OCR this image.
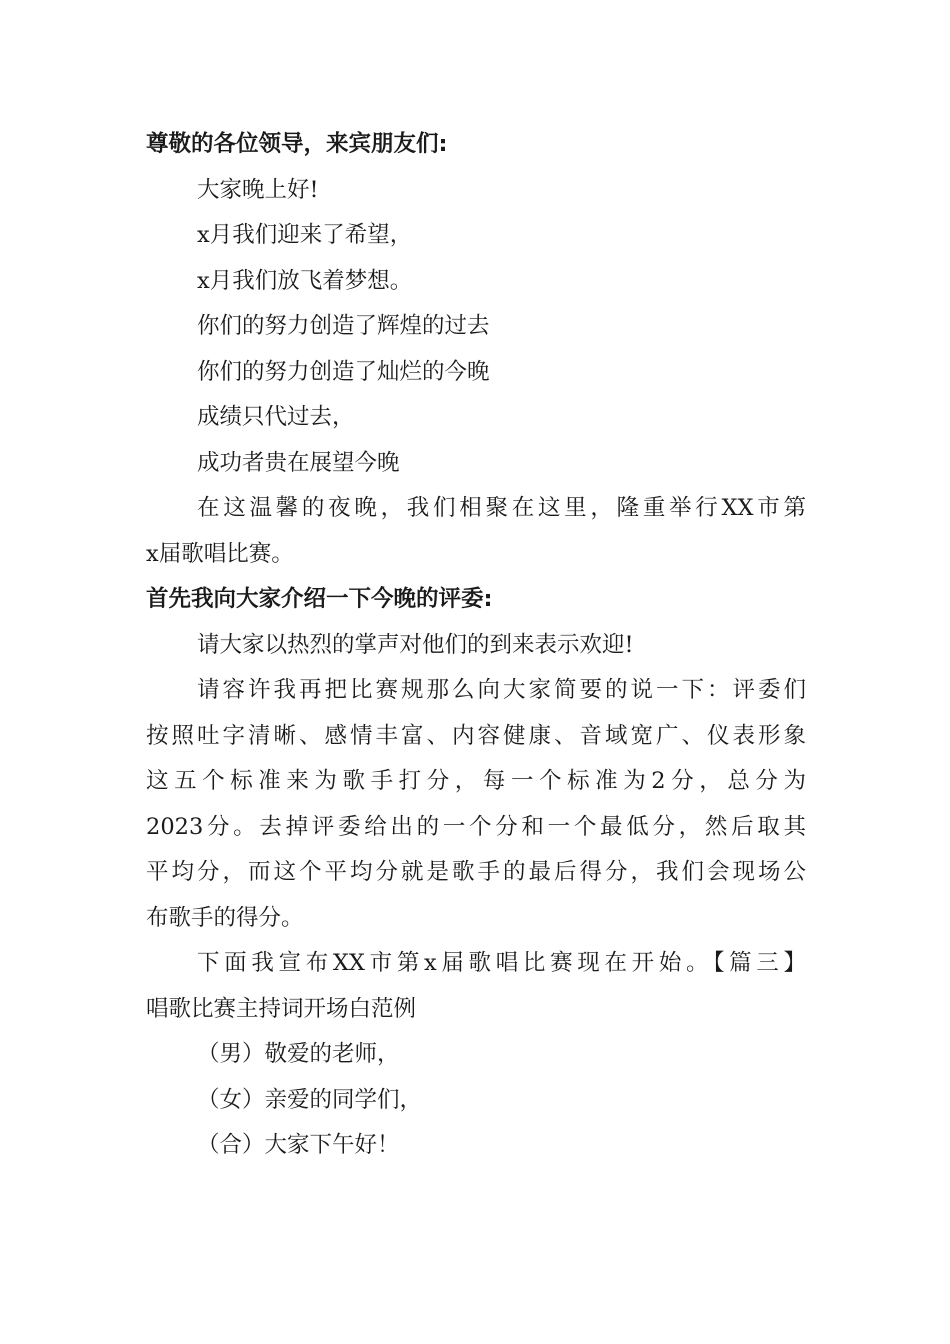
尊敬的各位领导，来宾朋友们:

大家晚上好!

x月我们迎来了希望，

x月我们放飞着梦想。

你们的努力创造了辉煌的过去

你们的努力创造了灿烂的今晚

成绩只代过去，

成功者贵在展望今晚

在这温馨的夜晚，我们相聚在这里，隆重举行XX市第
x届歌唱比赛。

首先我向大家介绍一下今晚的评委:

请大家以热烈的掌声对他们的到来表示欢迎!

请容许我再把比赛规那么向大家简要的说一下：评委们
按照吐字清晰、感情丰富、内容健康、音域宽广、仪表形象
这五个标准来为歌手打分，每一个标准为2分，总分为
2023分。去掉评委给出的一个分和一个最低分，然后取其
平均分，而这个平均分就是歌手的最后得分，我们会现场公
布歌手的得分。
下面我宣布XX市第x届歌唱比赛现在开始。【篇三】
唱歌比赛主持词开场白范例

（男）敬爱的老师，

（女）亲爱的同学们，

（合）大家下午好！
